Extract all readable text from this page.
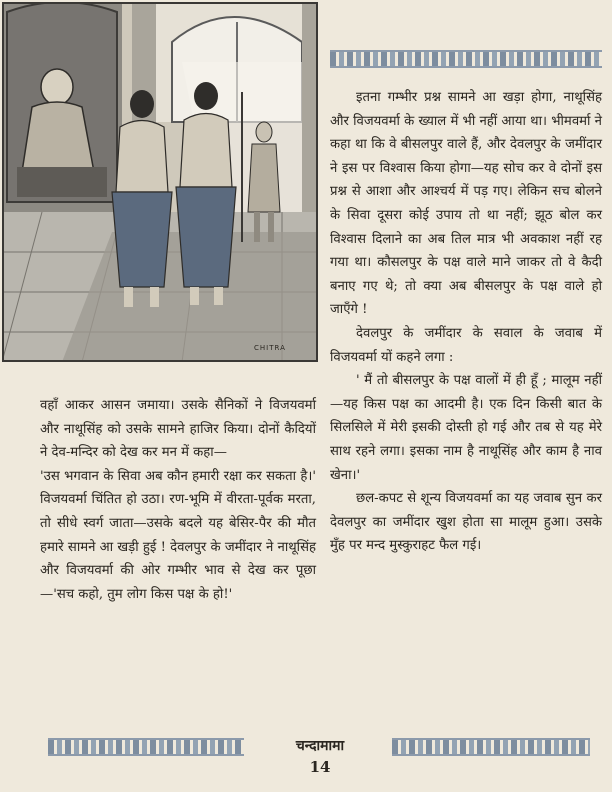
CHITRA

इतना गम्भीर प्रश्न सामने आ खड़ा होगा, नाथूसिंह और विजयवर्मा के ख्याल में भी नहीं आया था। भीमवर्मा ने कहा था कि वे बीसलपुर वाले हैं, और देवलपुर के जमींदार ने इस पर विश्वास किया होगा—यह सोच कर वे दोनों इस प्रश्न से आशा और आश्चर्य में पड़ गए। लेकिन सच बोलने के सिवा दूसरा कोई उपाय तो था नहीं; झूठ बोल कर विश्वास दिलाने का अब तिल मात्र भी अवकाश नहीं रह गया था। कौसलपुर के पक्ष वाले माने जाकर तो वे कैदी बनाए गए थे; तो क्या अब बीसलपुर के पक्ष वाले हो जाएँगे !

देवलपुर के जमींदार के सवाल के जवाब में विजयवर्मा यों कहने लगा :

' मैं तो बीसलपुर के पक्ष वालों में ही हूँ ; मालूम नहीं—यह किस पक्ष का आदमी है। एक दिन किसी बात के सिलसिले में मेरी इसकी दोस्ती हो गई और तब से यह मेरे साथ रहने लगा। इसका नाम है नाथूसिंह और काम है नाव खेना।'

छल-कपट से शून्य विजयवर्मा का यह जवाब सुन कर देवलपुर का जमींदार खुश होता सा मालूम हुआ। उसके मुँह पर मन्द मुस्कुराहट फैल गई।

वहाँ आकर आसन जमाया। उसके सैनिकों ने विजयवर्मा और नाथूसिंह को उसके सामने हाजिर किया। दोनों कैदियों ने देव-मन्दिर को देख कर मन में कहा—

'उस भगवान के सिवा अब कौन हमारी रक्षा कर सकता है।' विजयवर्मा चिंतित हो उठा। रण-भूमि में वीरता-पूर्वक मरता, तो सीधे स्वर्ग जाता—उसके बदले यह बेसिर-पैर की मौत हमारे सामने आ खड़ी हुई ! देवलपुर के जमींदार ने नाथूसिंह और विजयवर्मा की ओर गम्भीर भाव से देख कर पूछा—'सच कहो, तुम लोग किस पक्ष के हो!'

चन्दामामा
14
